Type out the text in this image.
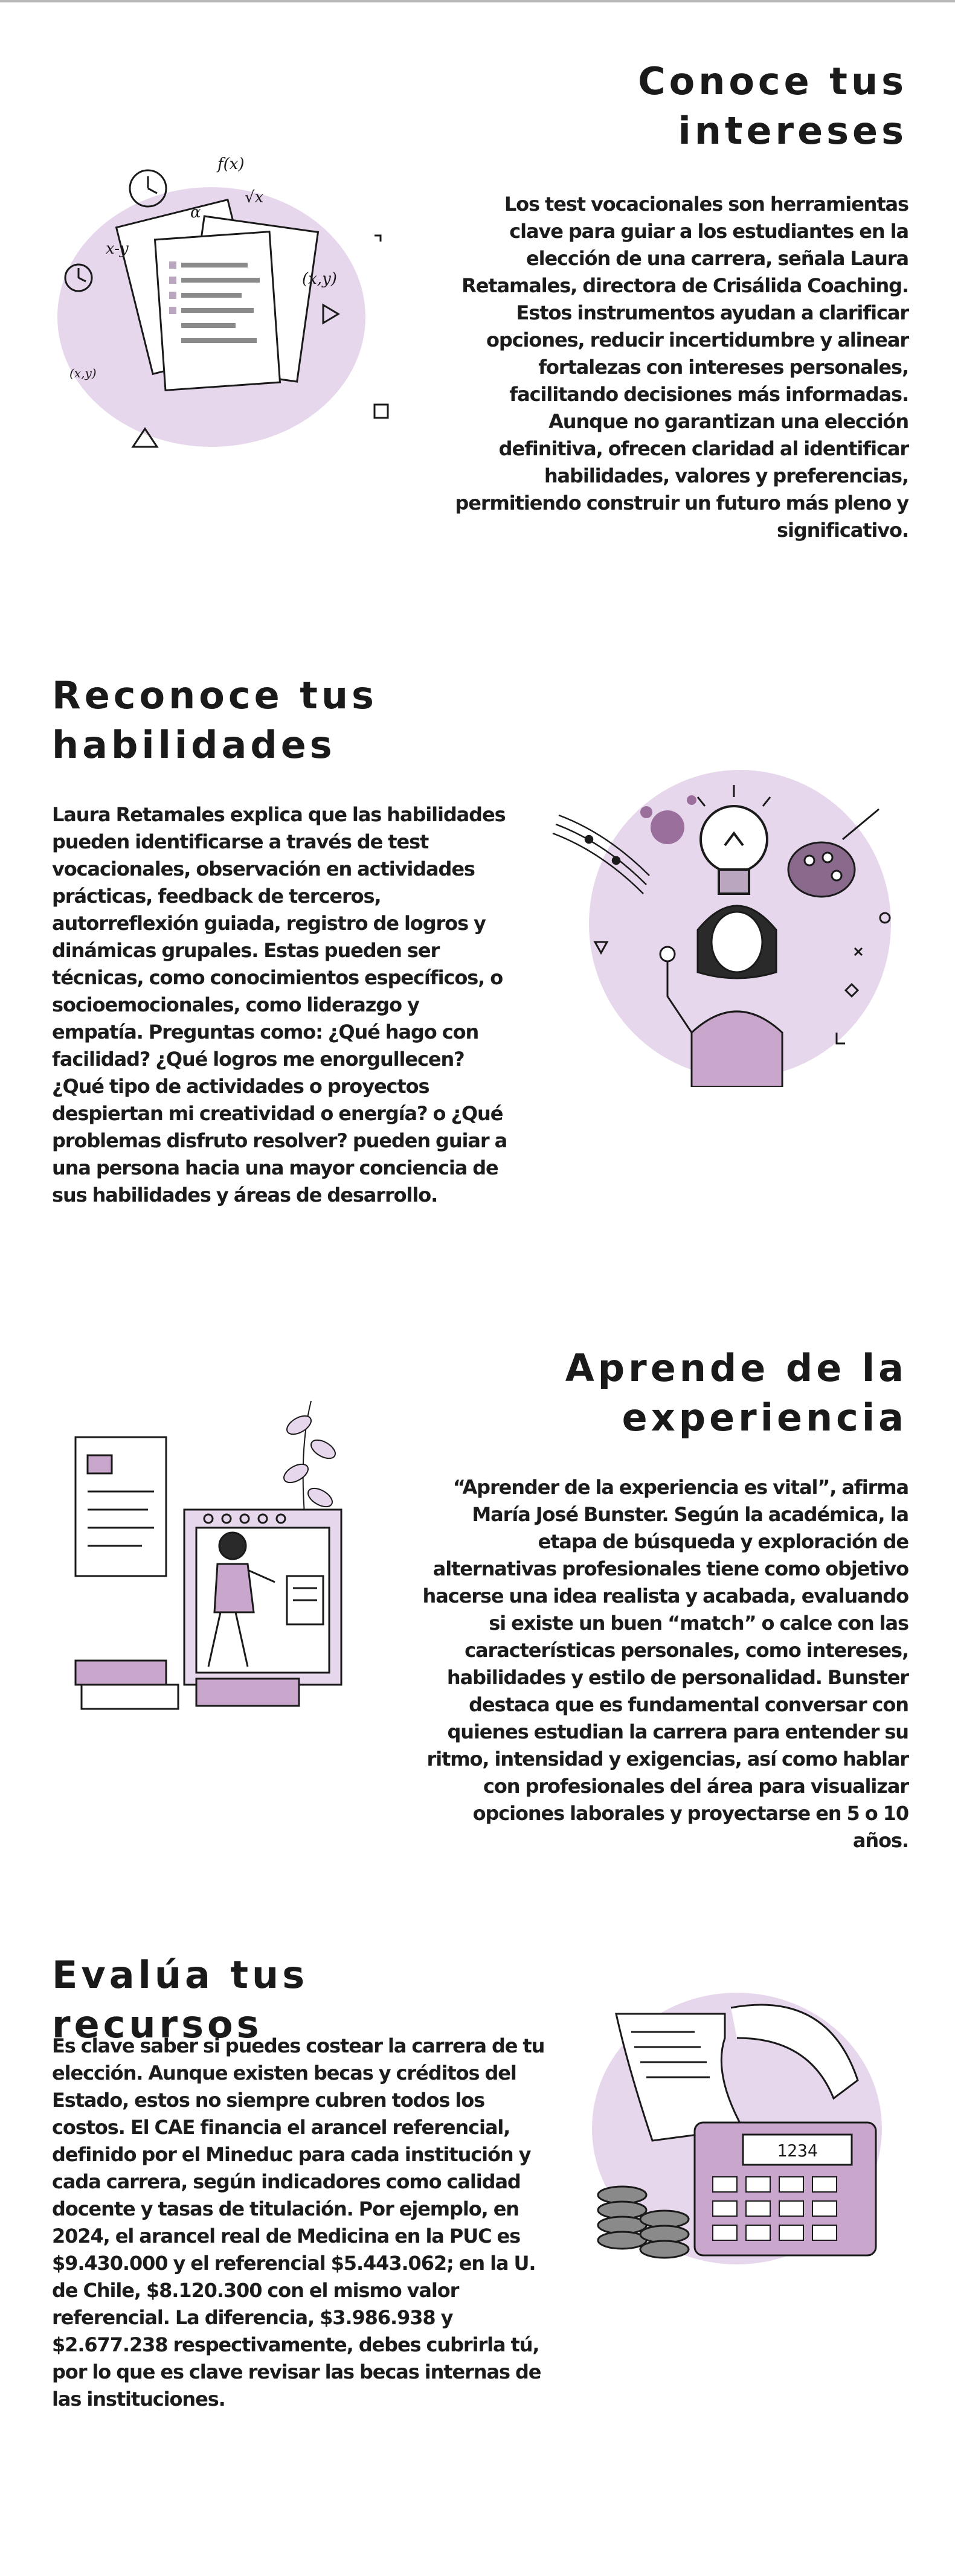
Conoce tus
intereses

Los test vocacionales son herramientas clave para guiar a los estudiantes en la elección de una carrera, señala Laura Retamales, directora de Crisálida Coaching. Estos instrumentos ayudan a clarificar opciones, reducir incertidumbre y alinear fortalezas con intereses personales, facilitando decisiones más informadas. Aunque no garantizan una elección definitiva, ofrecen claridad al identificar habilidades, valores y preferencias, permitiendo construir un futuro más pleno y significativo.

f(x)
√x
(x,y)
x-y
(x,y)
α
Reconoce tus
habilidades

Laura Retamales explica que las habilidades pueden identificarse a través de test vocacionales, observación en actividades prácticas, feedback de terceros, autorreflexión guiada, registro de logros y dinámicas grupales. Estas pueden ser técnicas, como conocimientos específicos, o socioemocionales, como liderazgo y empatía. Preguntas como: ¿Qué hago con facilidad? ¿Qué logros me enorgullecen? ¿Qué tipo de actividades o proyectos despiertan mi creatividad o energía? o ¿Qué problemas disfruto resolver? pueden guiar a una persona hacia una mayor conciencia de sus habilidades y áreas de desarrollo.

Aprende de la
experiencia

“Aprender de la experiencia es vital”, afirma María José Bunster. Según la académica, la etapa de búsqueda y exploración de alternativas profesionales tiene como objetivo hacerse una idea realista y acabada, evaluando si existe un buen “match” o calce con las características personales, como intereses, habilidades y estilo de personalidad. Bunster destaca que es fundamental conversar con quienes estudian la carrera para entender su ritmo, intensidad y exigencias, así como hablar con profesionales del área para visualizar opciones laborales y proyectarse en 5 o 10 años.

Evalúa tus recursos

Es clave saber si puedes costear la carrera de tu elección. Aunque existen becas y créditos del Estado, estos no siempre cubren todos los costos. El CAE financia el arancel referencial, definido por el Mineduc para cada institución y cada carrera, según indicadores como calidad docente y tasas de titulación. Por ejemplo, en 2024, el arancel real de Medicina en la PUC es $9.430.000 y el referencial $5.443.062; en la U. de Chile, $8.120.300 con el mismo valor referencial. La diferencia, $3.986.938 y $2.677.238 respectivamente, debes cubrirla tú, por lo que es clave revisar las becas internas de las instituciones.

1234
